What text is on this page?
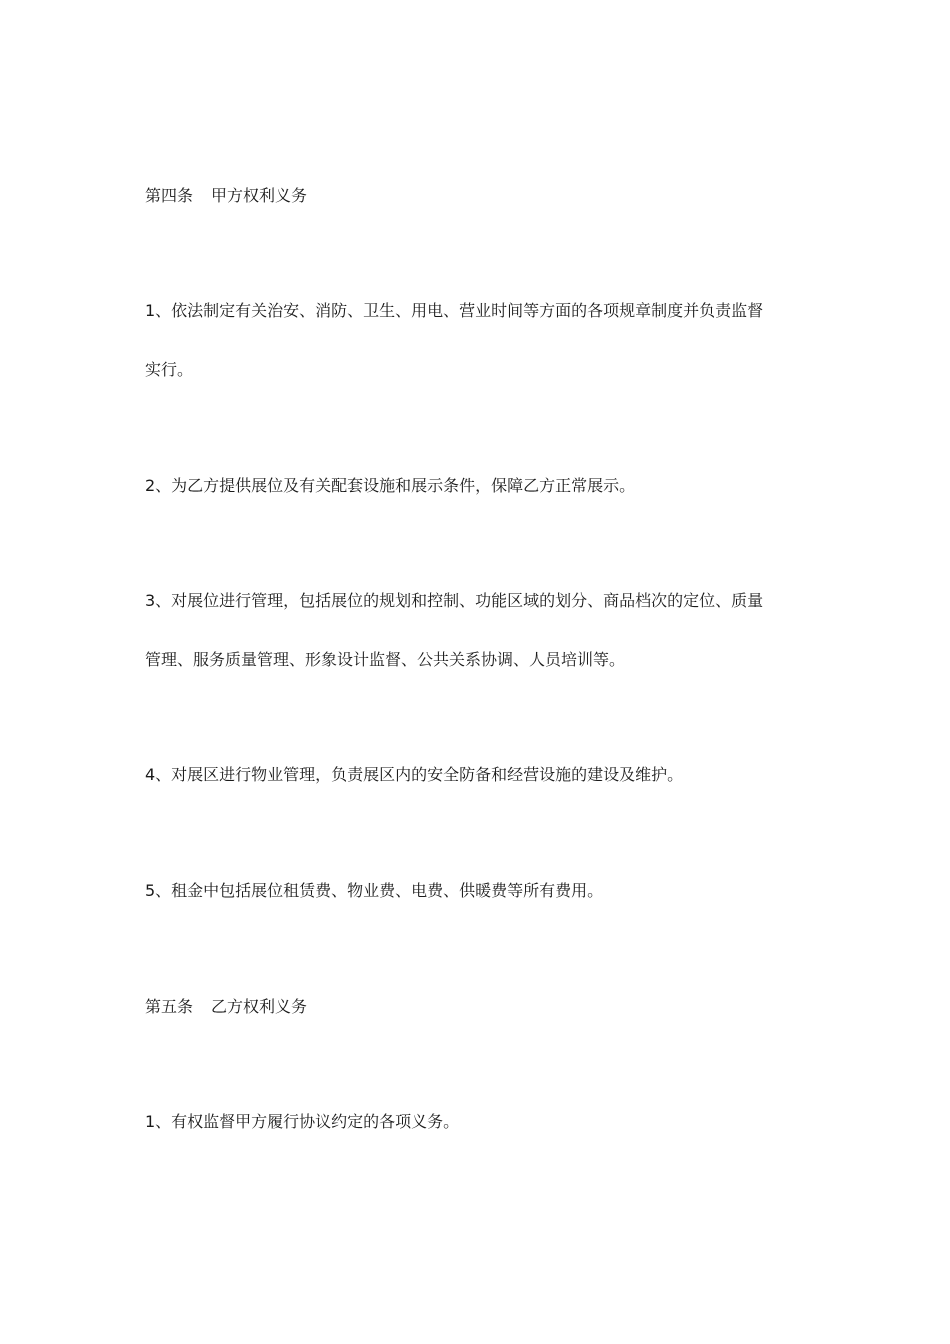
第四条 甲方权利义务
1、依法制定有关治安、消防、卫生、用电、营业时间等方面的各项规章制度并负责监督
实行。
2、为乙方提供展位及有关配套设施和展示条件，保障乙方正常展示。
3、对展位进行管理，包括展位的规划和控制、功能区域的划分、商品档次的定位、质量
管理、服务质量管理、形象设计监督、公共关系协调、人员培训等。
4、对展区进行物业管理，负责展区内的安全防备和经营设施的建设及维护。
5、租金中包括展位租赁费、物业费、电费、供暖费等所有费用。
第五条 乙方权利义务
1、有权监督甲方履行协议约定的各项义务。
